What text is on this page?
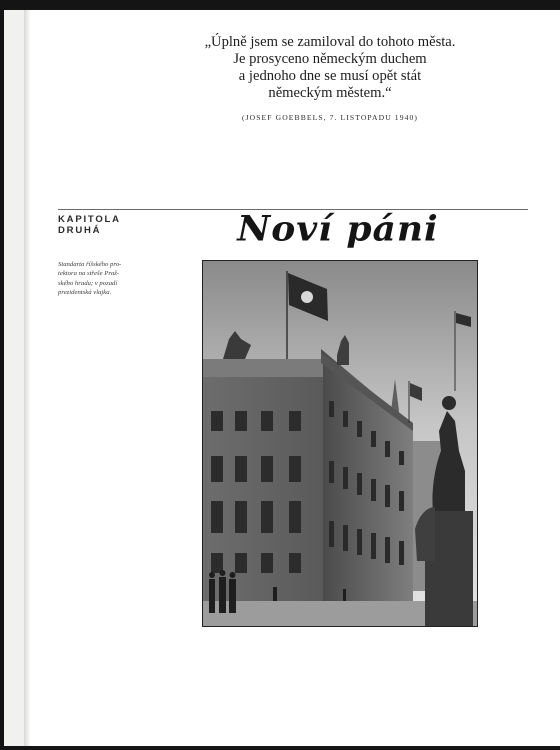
„Úplně jsem se zamiloval do tohoto města.
Je prosyceno německým duchem
a jednoho dne se musí opět stát
německým městem.“
(JOSEF GOEBBELS, 7. LISTOPADU 1940)
KAPITOLA
DRUHÁ	Noví páni
Standarta říšského pro-
tektora na střeše Praž-
ského hradu; v pozadí
prezidentská vlajka.
